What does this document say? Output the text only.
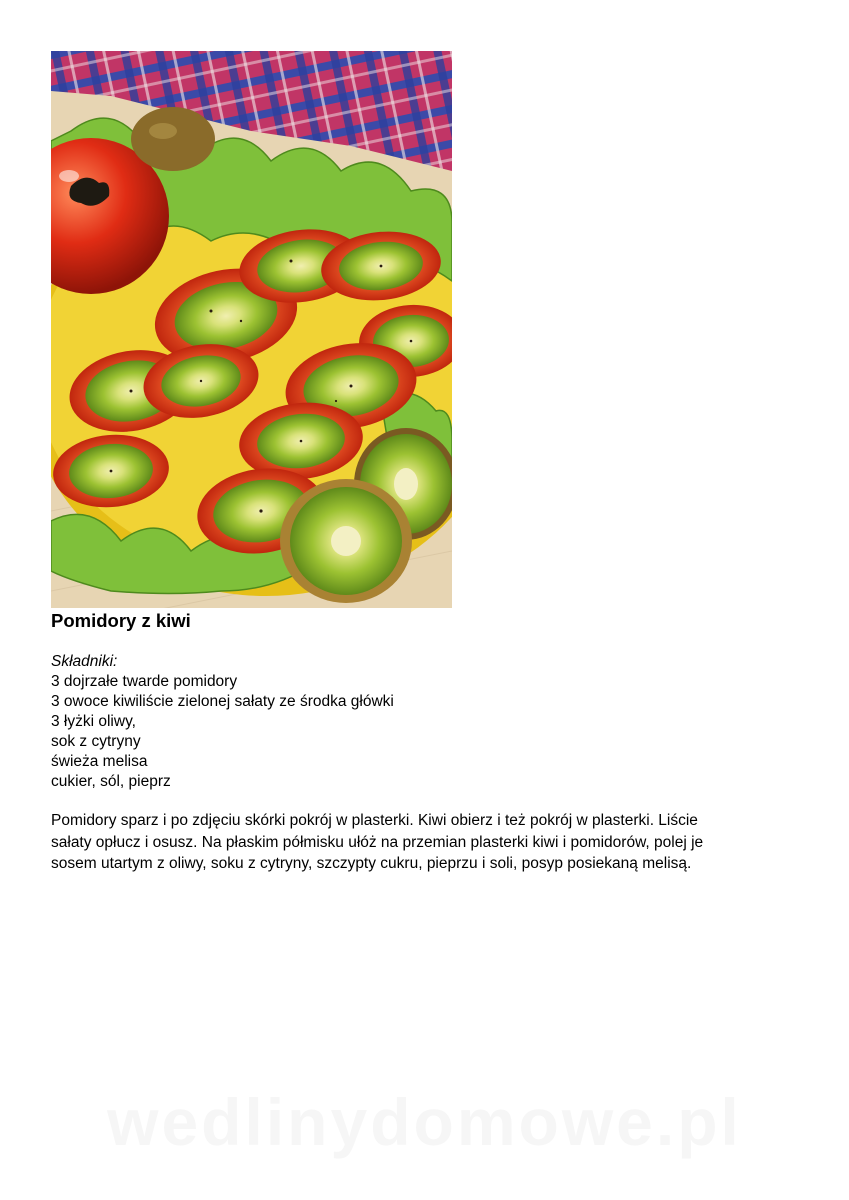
Pomidory z kiwi
Składniki:
3 dojrzałe twarde pomidory
3 owoce kiwiliście zielonej sałaty ze środka główki
3 łyżki oliwy,
sok z cytryny
świeża melisa
cukier, sól, pieprz

Pomidory sparz i po zdjęciu skórki pokrój w plasterki. Kiwi obierz i też pokrój w plasterki. Liście

sałaty opłucz i osusz. Na płaskim półmisku ułóż na przemian plasterki kiwi i pomidorów, polej je

sosem utartym z oliwy, soku z cytryny, szczypty cukru, pieprzu i soli, posyp posiekaną melisą.

wedlinydomowe.pl
